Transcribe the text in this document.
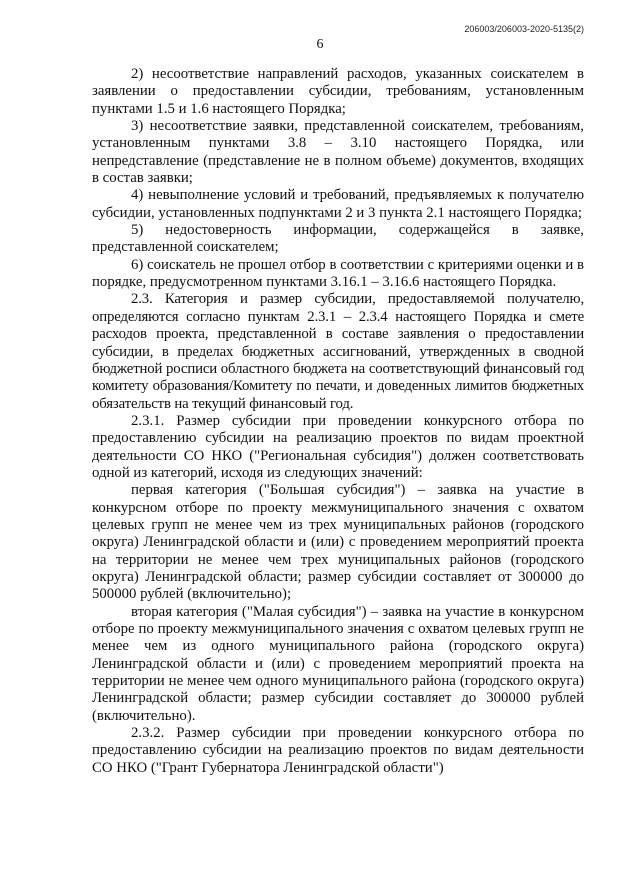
206003/206003-2020-5135(2)
6

2) несоответствие направлений расходов, указанных соискателем в заявлении о предоставлении субсидии, требованиям, установленным пунктами 1.5 и 1.6 настоящего Порядка;

3) несоответствие заявки, представленной соискателем, требованиям, установленным пунктами 3.8 – 3.10 настоящего Порядка, или непредставление (представление не в полном объеме) документов, входящих в состав заявки;

4) невыполнение условий и требований, предъявляемых к получателю субсидии, установленных подпунктами 2 и 3 пункта 2.1 настоящего Порядка;

5) недостоверность информации, содержащейся в заявке, представленной соискателем;

6) соискатель не прошел отбор в соответствии с критериями оценки и в порядке, предусмотренном пунктами 3.16.1 – 3.16.6 настоящего Порядка.

2.3. Категория и размер субсидии, предоставляемой получателю, определяются согласно пунктам 2.3.1 – 2.3.4 настоящего Порядка и смете расходов проекта, представленной в составе заявления о предоставлении субсидии, в пределах бюджетных ассигнований, утвержденных в сводной бюджетной росписи областного бюджета на соответствующий финансовый год комитету образования/Комитету по печати, и доведенных лимитов бюджетных обязательств на текущий финансовый год.

2.3.1. Размер субсидии при проведении конкурсного отбора по предоставлению субсидии на реализацию проектов по видам проектной деятельности СО НКО ("Региональная субсидия") должен соответствовать одной из категорий, исходя из следующих значений:

первая категория ("Большая субсидия") – заявка на участие в конкурсном отборе по проекту межмуниципального значения с охватом целевых групп не менее чем из трех муниципальных районов (городского округа) Ленинградской области и (или) с проведением мероприятий проекта на территории не менее чем трех муниципальных районов (городского округа) Ленинградской области; размер субсидии составляет от 300000 до 500000 рублей (включительно);

вторая категория ("Малая субсидия") – заявка на участие в конкурсном отборе по проекту межмуниципального значения с охватом целевых групп не менее чем из одного муниципального района (городского округа) Ленинградской области и (или) с проведением мероприятий проекта на территории не менее чем одного муниципального района (городского округа) Ленинградской области; размер субсидии составляет до 300000 рублей (включительно).

2.3.2. Размер субсидии при проведении конкурсного отбора по предоставлению субсидии на реализацию проектов по видам деятельности СО НКО ("Грант Губернатора Ленинградской области")
